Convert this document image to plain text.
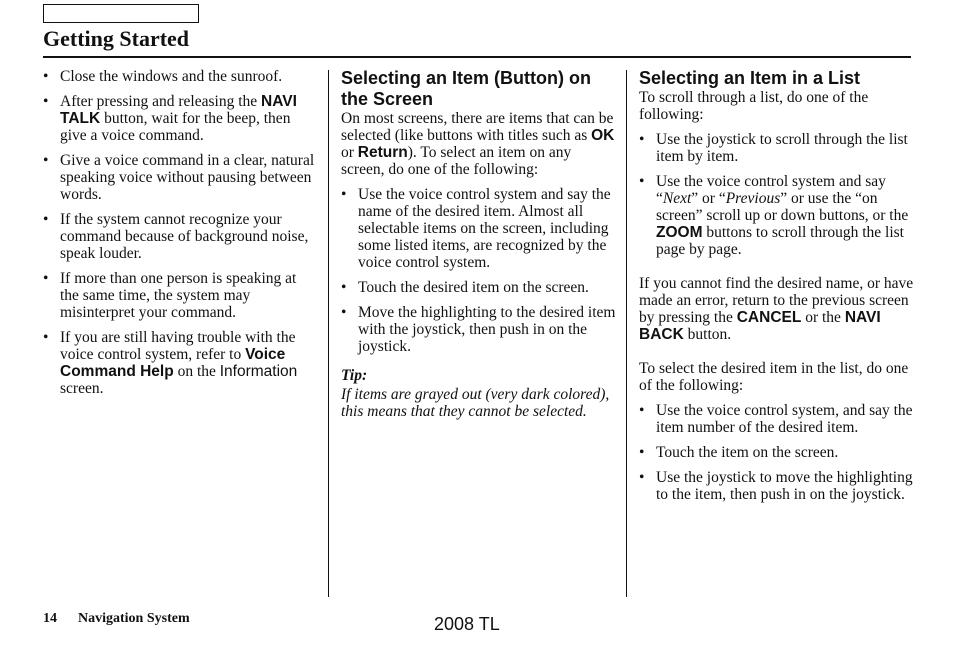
Getting Started
• Close the windows and the sunroof.
• After pressing and releasing the NAVI TALK button, wait for the beep, then give a voice command.
• Give a voice command in a clear, natural speaking voice without pausing between words.
• If the system cannot recognize your command because of background noise, speak louder.
• If more than one person is speaking at the same time, the system may misinterpret your command.
• If you are still having trouble with the voice control system, refer to Voice Command Help on the Information screen.

Selecting an Item (Button) on the Screen

On most screens, there are items that can be selected (like buttons with titles such as OK or Return). To select an item on any screen, do one of the following:

• Use the voice control system and say the name of the desired item. Almost all selectable items on the screen, including some listed items, are recognized by the voice control system.
• Touch the desired item on the screen.
• Move the highlighting to the desired item with the joystick, then push in on the joystick.

Tip:

If items are grayed out (very dark colored), this means that they cannot be selected.

Selecting an Item in a List

To scroll through a list, do one of the following:

• Use the joystick to scroll through the list item by item.
• Use the voice control system and say “Next” or “Previous” or use the “on screen” scroll up or down buttons, or the ZOOM buttons to scroll through the list page by page.

If you cannot find the desired name, or have made an error, return to the previous screen by pressing the CANCEL or the NAVI BACK button.

To select the desired item in the list, do one of the following:

• Use the voice control system, and say the item number of the desired item.
• Touch the item on the screen.
• Use the joystick to move the highlighting to the item, then push in on the joystick.
14 Navigation System	2008 TL
